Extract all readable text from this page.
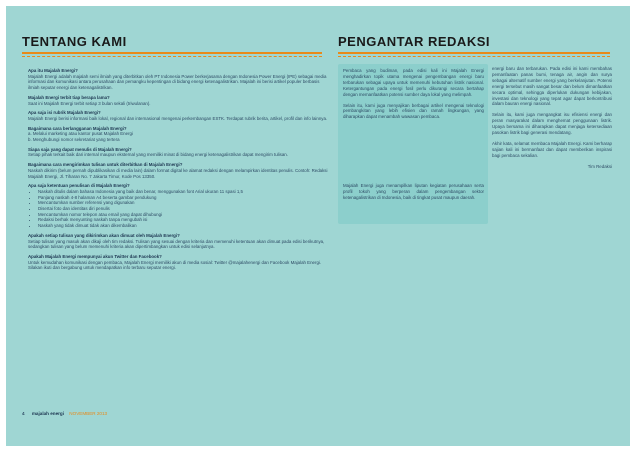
TENTANG KAMI	PENGANTAR REDAKSI
Apa itu Majalah Energi?
Majalah Energi adalah majalah semi ilmiah yang diterbitkan oleh PT Indonesia Power berkerjasama dengan Indonesia Power Energi (IPE) sebagai media informasi dan komunikasi antara perusahaan dan pemangku kepentingan di bidang energi ketenagalistrikan. Majalah ini berisi artikel populer berbasis ilmiah seputar energi dan ketenagalistrikan.
Majalah Energi terbit tiap berapa lama?
Saat ini Majalah Energi terbit setiap 3 bulan sekali (triwulanan).
Apa saja isi rubrik Majalah Energi?
Majalah Energi berisi informasi baik lokal, regional dan internasional mengenai perkembangan ESTK. Terdapat rubrik berita, artikel, profil dan info lainnya.
Bagaimana cara berlangganan Majalah Energi?
a. Melalui marketing atau kantor pusat Majalah Energi
b. Menghubungi nomor sekretariat yang tertera
Siapa saja yang dapat menulis di Majalah Energi?
Setiap pihak terkait baik dari internal maupun eksternal yang memiliki minat di bidang energi ketenagalistrikan dapat mengirim tulisan.
Bagaimana cara mengirimkan tulisan untuk diterbitkan di Majalah Energi?
Naskah dikirim (belum pernah dipublikasikan di media lain) dalam format digital ke alamat redaksi dengan melampirkan identitas penulis. Contoh: Redaksi Majalah Energi, Jl. Tiharan No. 7 Jakarta Timur, Kode Pos 13350.
Apa saja ketentuan penulisan di Majalah Energi?
• Naskah ditulis dalam bahasa Indonesia yang baik dan benar, menggunakan font Arial ukuran 11 spasi 1,5
• Panjang naskah 4-8 halaman A4 beserta gambar pendukung
• Mencantumkan sumber referensi yang digunakan
• Disertai foto dan identitas diri penulis
• Mencantumkan nomor telepon atau email yang dapat dihubungi
• Redaksi berhak menyunting naskah tanpa mengubah isi
• Naskah yang tidak dimuat tidak akan dikembalikan
Apakah setiap tulisan yang dikirimkan akan dimuat oleh Majalah Energi?
Setiap tulisan yang masuk akan dikaji oleh tim redaksi. Tulisan yang sesuai dengan kriteria dan memenuhi ketentuan akan dimuat pada edisi berikutnya, sedangkan tulisan yang belum memenuhi kriteria akan dipertimbangkan untuk edisi selanjutnya.
Apakah Majalah Energi mempunyai akun Twitter dan Facebook?
Untuk kemudahan komunikasi dengan pembaca, Majalah Energi memiliki akun di media sosial: Twitter @majalahenergi dan Facebook Majalah Energi. Silakan ikuti dan bergabung untuk mendapatkan info terbaru seputar energi.

Pembaca yang budiman, pada edisi kali ini Majalah Energi menghadirkan topik utama mengenai pengembangan energi baru terbarukan sebagai upaya untuk memenuhi kebutuhan listrik nasional. Ketergantungan pada energi fosil perlu dikurangi secara bertahap dengan memanfaatkan potensi sumber daya lokal yang melimpah.

Selain itu, kami juga menyajikan berbagai artikel mengenai teknologi pembangkitan yang lebih efisien dan ramah lingkungan, yang diharapkan dapat menambah wawasan pembaca.

Majalah Energi juga menampilkan liputan kegiatan perusahaan serta profil tokoh yang berperan dalam pengembangan sektor ketenagalistrikan di Indonesia, baik di tingkat pusat maupun daerah.

energi baru dan terbarukan. Pada edisi ini kami membahas pemanfaatan panas bumi, tenaga air, angin dan surya sebagai alternatif sumber energi yang berkelanjutan. Potensi energi tersebut masih sangat besar dan belum dimanfaatkan secara optimal, sehingga diperlukan dukungan kebijakan, investasi dan teknologi yang tepat agar dapat berkontribusi dalam bauran energi nasional.

Selain itu, kami juga mengangkat isu efisiensi energi dan peran masyarakat dalam menghemat penggunaan listrik. Upaya bersama ini diharapkan dapat menjaga ketersediaan pasokan listrik bagi generasi mendatang.

Akhir kata, selamat membaca Majalah Energi. Kami berharap sajian kali ini bermanfaat dan dapat memberikan inspirasi bagi pembaca sekalian.

Tim Redaksi

4 majalah energi NOVEMBER 2013
